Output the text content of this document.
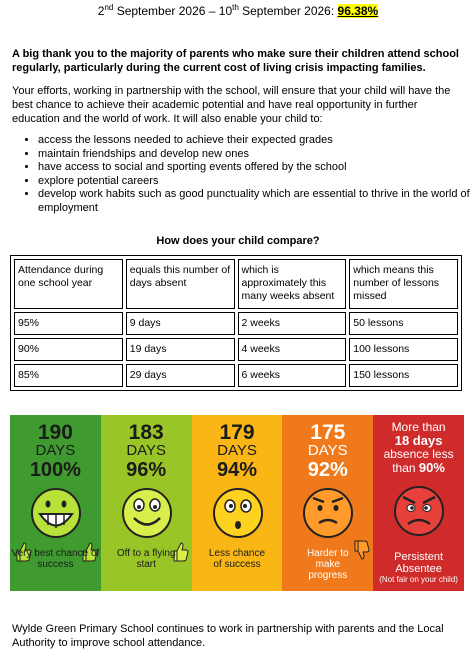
2nd September 2026 – 10th September 2026: 96.38%
A big thank you to the majority of parents who make sure their children attend school regularly, particularly during the current cost of living crisis impacting families.
Your efforts, working in partnership with the school, will ensure that your child will have the best chance to achieve their academic potential and have real opportunity in further education and the world of work. It will also enable your child to:
• access the lessons needed to achieve their expected grades
• maintain friendships and develop new ones
• have access to social and sporting events offered by the school
• explore potential careers
• develop work habits such as good punctuality which are essential to thrive in the world of employment
How does your child compare?
Attendance during one school year	equals this number of days absent	which is approximately this many weeks absent	which means this number of lessons missed
95%	9 days	2 weeks	50 lessons
90%	19 days	4 weeks	100 lessons
85%	29 days	6 weeks	150 lessons
190
DAYS
100%
Very best chance of success
183
DAYS
96%
Off to a flying start
179
DAYS
94%
Less chance of success
175
DAYS
92%
Harder to make progress
More than
18 days
absence less
than 90%
Persistent Absentee
(Not fair on your child)
Wylde Green Primary School continues to work in partnership with parents and the Local Authority to improve school attendance.
